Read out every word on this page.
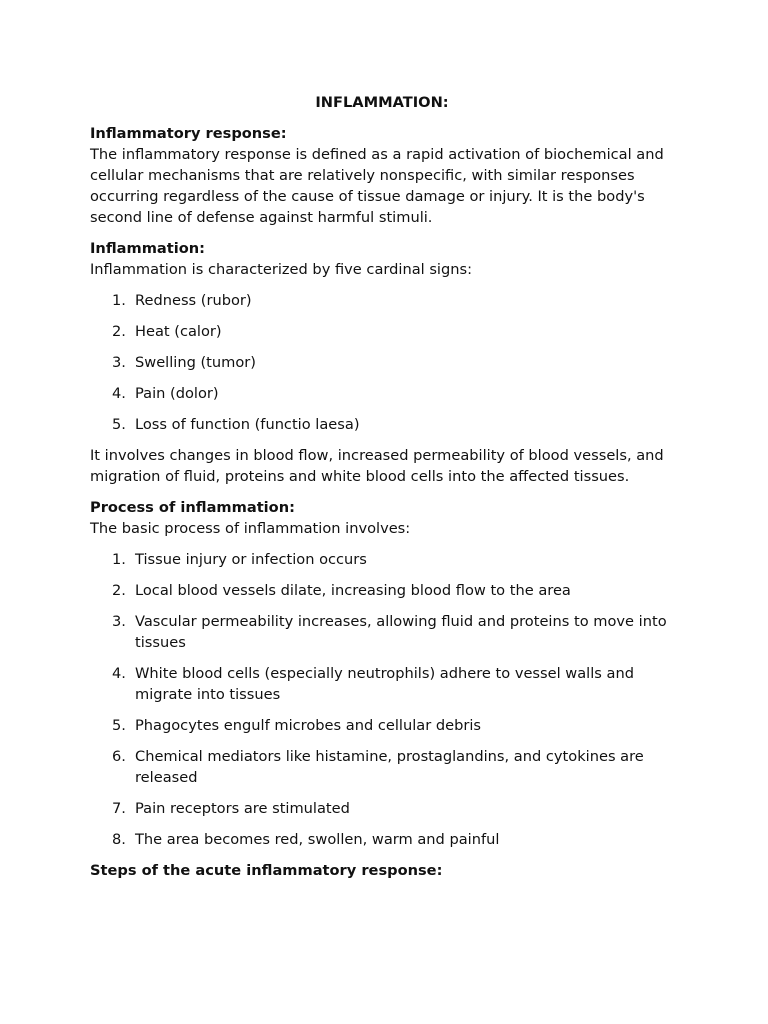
INFLAMMATION:
Inflammatory response:

The inflammatory response is defined as a rapid activation of biochemical and cellular mechanisms that are relatively nonspecific, with similar responses occurring regardless of the cause of tissue damage or injury. It is the body's second line of defense against harmful stimuli.

Inflammation:

Inflammation is characterized by five cardinal signs:

1. Redness (rubor)
2. Heat (calor)
3. Swelling (tumor)
4. Pain (dolor)
5. Loss of function (functio laesa)

It involves changes in blood flow, increased permeability of blood vessels, and migration of fluid, proteins and white blood cells into the affected tissues.

Process of inflammation:

The basic process of inflammation involves:

1. Tissue injury or infection occurs
2. Local blood vessels dilate, increasing blood flow to the area
3. Vascular permeability increases, allowing fluid and proteins to move into tissues
4. White blood cells (especially neutrophils) adhere to vessel walls and migrate into tissues
5. Phagocytes engulf microbes and cellular debris
6. Chemical mediators like histamine, prostaglandins, and cytokines are released
7. Pain receptors are stimulated
8. The area becomes red, swollen, warm and painful
Steps of the acute inflammatory response:
